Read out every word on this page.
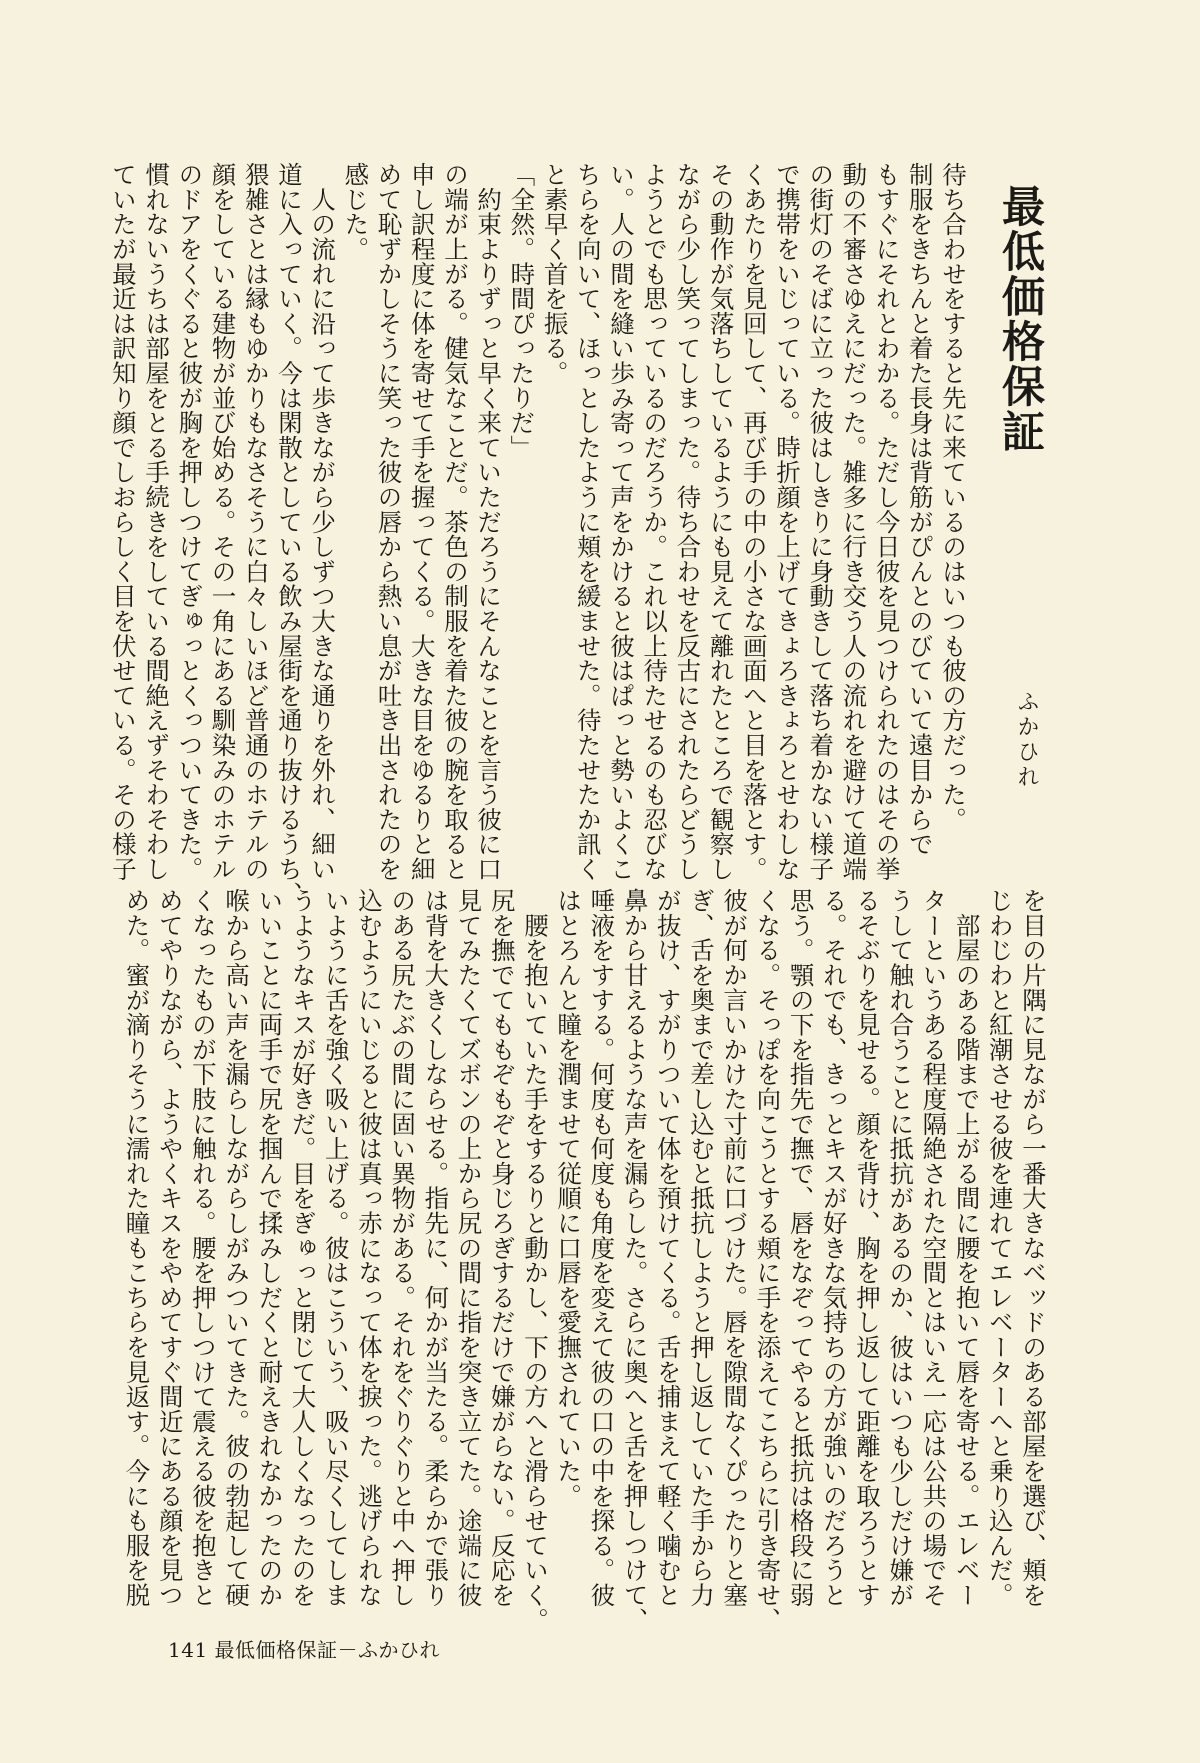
最低価格保証
ふかひれ
待ち合わせをすると先に来ているのはいつも彼の方だった。
制服をきちんと着た長身は背筋がぴんとのびていて遠目からで
もすぐにそれとわかる。ただし今日彼を見つけられたのはその挙
動の不審さゆえにだった。雑多に行き交う人の流れを避けて道端
の街灯のそばに立った彼はしきりに身動きして落ち着かない様子
で携帯をいじっている。時折顔を上げてきょろきょろとせわしな
くあたりを見回して、再び手の中の小さな画面へと目を落とす。
その動作が気落ちしているようにも見えて離れたところで観察し
ながら少し笑ってしまった。待ち合わせを反古にされたらどうし
ようとでも思っているのだろうか。これ以上待たせるのも忍びな
い。人の間を縫い歩み寄って声をかけると彼はぱっと勢いよくこ
ちらを向いて、ほっとしたように頬を緩ませた。待たせたか訊く
と素早く首を振る。
「全然。時間ぴったりだ」
　約束よりずっと早く来ていただろうにそんなことを言う彼に口
の端が上がる。健気なことだ。茶色の制服を着た彼の腕を取ると
申し訳程度に体を寄せて手を握ってくる。大きな目をゆるりと細
めて恥ずかしそうに笑った彼の唇から熱い息が吐き出されたのを
感じた。
　人の流れに沿って歩きながら少しずつ大きな通りを外れ、細い
道に入っていく。今は閑散としている飲み屋街を通り抜けるうち、
猥雑さとは縁もゆかりもなさそうに白々しいほど普通のホテルの
顔をしている建物が並び始める。その一角にある馴染みのホテル
のドアをくぐると彼が胸を押しつけてぎゅっとくっついてきた。
慣れないうちは部屋をとる手続きをしている間絶えずそわそわし
ていたが最近は訳知り顔でしおらしく目を伏せている。その様子
を目の片隅に見ながら一番大きなベッドのある部屋を選び、頬を
じわじわと紅潮させる彼を連れてエレベーターへと乗り込んだ。
　部屋のある階まで上がる間に腰を抱いて唇を寄せる。エレベー
ターというある程度隔絶された空間とはいえ一応は公共の場でそ
うして触れ合うことに抵抗があるのか、彼はいつも少しだけ嫌が
るそぶりを見せる。顔を背け、胸を押し返して距離を取ろうとす
る。それでも、きっとキスが好きな気持ちの方が強いのだろうと
思う。顎の下を指先で撫で、唇をなぞってやると抵抗は格段に弱
くなる。そっぽを向こうとする頬に手を添えてこちらに引き寄せ、
彼が何か言いかけた寸前に口づけた。唇を隙間なくぴったりと塞
ぎ、舌を奥まで差し込むと抵抗しようと押し返していた手から力
が抜け、すがりついて体を預けてくる。舌を捕まえて軽く噛むと
鼻から甘えるような声を漏らした。さらに奥へと舌を押しつけて、
唾液をすする。何度も何度も角度を変えて彼の口の中を探る。彼
はとろんと瞳を潤ませて従順に口唇を愛撫されていた。
　腰を抱いていた手をするりと動かし、下の方へと滑らせていく。
尻を撫でてももぞもぞと身じろぎするだけで嫌がらない。反応を
見てみたくてズボンの上から尻の間に指を突き立てた。途端に彼
は背を大きくしならせる。指先に、何かが当たる。柔らかで張り
のある尻たぶの間に固い異物がある。それをぐりぐりと中へ押し
込むようにいじると彼は真っ赤になって体を捩った。逃げられな
いように舌を強く吸い上げる。彼はこういう、吸い尽くしてしま
うようなキスが好きだ。目をぎゅっと閉じて大人しくなったのを
いいことに両手で尻を掴んで揉みしだくと耐えきれなかったのか
喉から高い声を漏らしながらしがみついてきた。彼の勃起して硬
くなったものが下肢に触れる。腰を押しつけて震える彼を抱きと
めてやりながら、ようやくキスをやめてすぐ間近にある顔を見つ
めた。蜜が滴りそうに濡れた瞳もこちらを見返す。今にも服を脱
141 最低価格保証－ふかひれ
